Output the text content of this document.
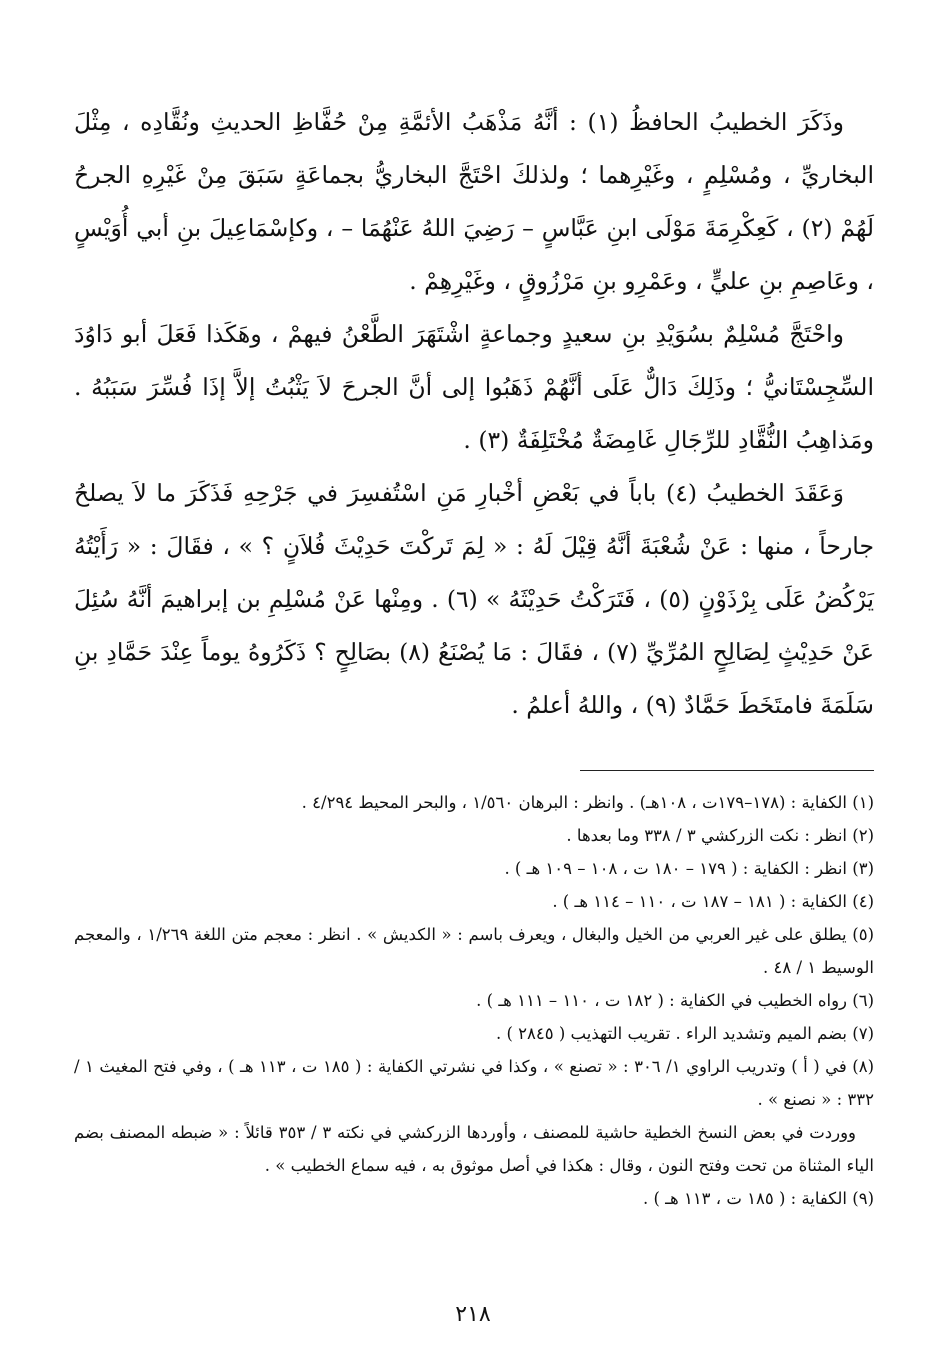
وذَكَرَ الخطيبُ الحافظُ (١) : أنَّهُ مَذْهَبُ الأئمَّةِ مِنْ حُفَّاظِ الحديثِ ونُقَّادِه ، مِثْلَ البخاريِّ ، ومُسْلِمٍ ، وغَيْرِهما ؛ ولذلكَ احْتَجَّ البخاريُّ بجماعَةٍ سَبَقَ مِنْ غَيْرِهِ الجرحُ لَهُمْ (٢) ، كَعِكْرِمَةَ مَوْلَى ابنِ عَبَّاسٍ – رَضِيَ اللهُ عَنْهُمَا – ، وكإسْمَاعِيلَ بنِ أبي أُوَيْسٍ ، وعَاصِمِ بنِ عليٍّ ، وعَمْرِو بنِ مَرْزُوقٍ ، وغَيْرِهِمْ .

واحْتَجَّ مُسْلِمٌ بسُوَيْدِ بنِ سعيدٍ وجماعةٍ اشْتَهَرَ الطَّعْنُ فيهمْ ، وهَكَذا فَعَلَ أبو دَاوُدَ السِّجِسْتَانيُّ ؛ وذَلِكَ دَالٌّ عَلَى أنَّهُمْ ذَهَبُوا إلى أنَّ الجرحَ لاَ يَثْبُتُ إلاَّ إذَا فُسِّرَ سَبَبُهُ . ومَذاهِبُ النُّقَّادِ للرِّجَالِ غَامِضَةٌ مُخْتَلِفَةٌ (٣) .

وَعَقَدَ الخطيبُ (٤) باباً في بَعْضِ أخْبارِ مَنِ اسْتُفسِرَ في جَرْحِهِ فَذَكَرَ ما لاَ يصلحُ جارحاً ، منها : عَنْ شُعْبَةَ أنَّهُ قِيْلَ لَهُ : « لِمَ تَركْتَ حَدِيْثَ فُلاَنٍ ؟ » ، فقَالَ : « رَأَيْتُهُ يَرْكُضُ عَلَى بِرْذَوْنٍ (٥) ، فَتَرَكْتُ حَدِيْثَهُ » (٦) . ومِنْها عَنْ مُسْلِمِ بن إبراهيمَ أنَّهُ سُئِلَ عَنْ حَدِيْثٍ لِصَالِحٍ المُرِّيِّ (٧) ، فقَالَ : مَا يُصْنَعُ (٨) بصَالِحٍ ؟ ذَكَرُوهُ يوماً عِنْدَ حَمَّادِ بنِ سَلَمَةَ فامتَخَطَ حَمَّادٌ (٩) ، واللهُ أعلمُ .

(١) الكفاية : (١٧٨–١٧٩ت ، ١٠٨هـ) . وانظر : البرهان ١/٥٦٠ ، والبحر المحيط ٤/٢٩٤ .

(٢) انظر : نكت الزركشي ٣ / ٣٣٨ وما بعدها .

(٣) انظر : الكفاية : ( ١٧٩ – ١٨٠ ت ، ١٠٨ – ١٠٩ هـ ) .

(٤) الكفاية : ( ١٨١ – ١٨٧ ت ، ١١٠ – ١١٤ هـ ) .

(٥) يطلق على غير العربي من الخيل والبغال ، ويعرف باسم : « الكديش » . انظر : معجم متن اللغة ١/٢٦٩ ، والمعجم الوسيط ١ / ٤٨ .

(٦) رواه الخطيب في الكفاية : ( ١٨٢ ت ، ١١٠ – ١١١ هـ ) .

(٧) بضم الميم وتشديد الراء . تقريب التهذيب ( ٢٨٤٥ ) .

(٨) في ( أ ) وتدريب الراوي ١/ ٣٠٦ : « تصنع » ، وكذا في نشرتي الكفاية : ( ١٨٥ ت ، ١١٣ هـ ) ، وفي فتح المغيث ١ / ٣٣٢ : « نصنع » .

ووردت في بعض النسخ الخطية حاشية للمصنف ، وأوردها الزركشي في نكته ٣ / ٣٥٣ قائلاً : « ضبطه المصنف بضم الياء المثناة من تحت وفتح النون ، وقال : هكذا في أصل موثوق به ، فيه سماع الخطيب » .

(٩) الكفاية : ( ١٨٥ ت ، ١١٣ هـ ) .

٢١٨
